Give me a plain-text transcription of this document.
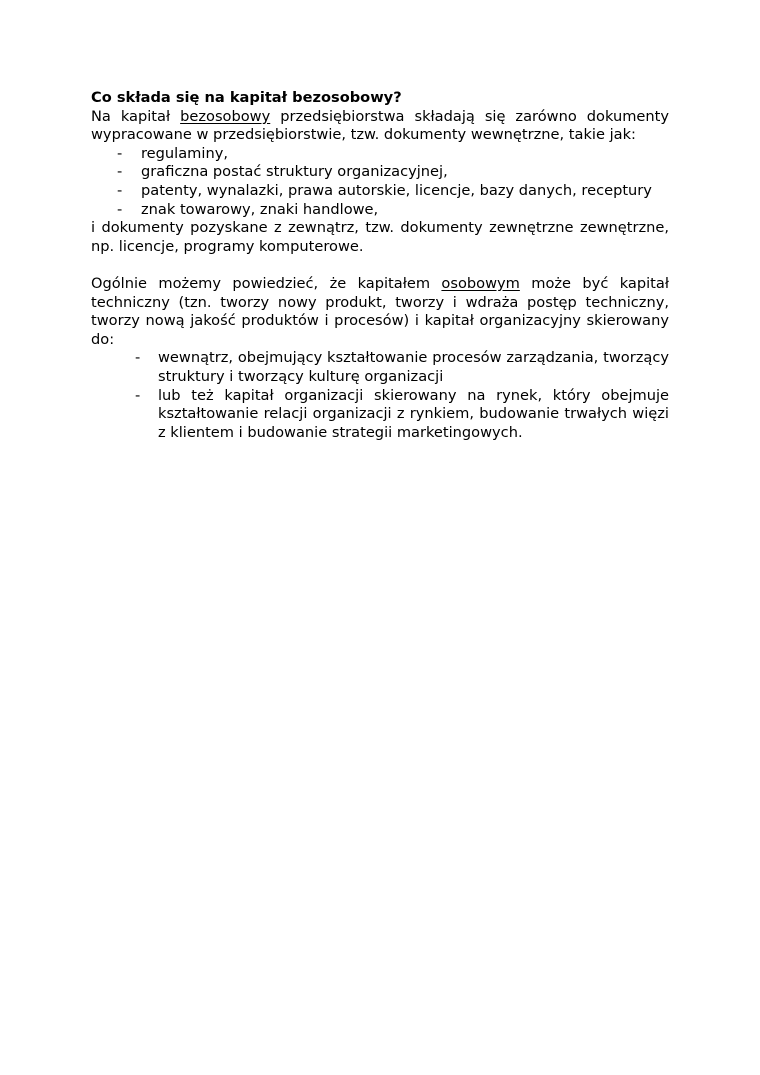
Co składa się na kapitał bezosobowy?

Na kapitał bezosobowy przedsiębiorstwa składają się zarówno dokumenty wypracowane w przedsiębiorstwie, tzw. dokumenty wewnętrzne, takie jak:

- regulaminy,
- graficzna postać struktury organizacyjnej,
- patenty, wynalazki, prawa autorskie, licencje, bazy danych, receptury
- znak towarowy, znaki handlowe,

i dokumenty pozyskane z zewnątrz, tzw. dokumenty zewnętrzne zewnętrzne, np. licencje, programy komputerowe.

Ogólnie możemy powiedzieć, że kapitałem osobowym może być kapitał techniczny (tzn. tworzy nowy produkt, tworzy i wdraża postęp techniczny, tworzy nową jakość produktów i procesów) i kapitał organizacyjny skierowany do:

- wewnątrz, obejmujący kształtowanie procesów zarządzania, tworzący struktury i tworzący kulturę organizacji
- lub też kapitał organizacji skierowany na rynek, który obejmuje kształtowanie relacji organizacji z rynkiem, budowanie trwałych więzi z klientem i budowanie strategii marketingowych.
